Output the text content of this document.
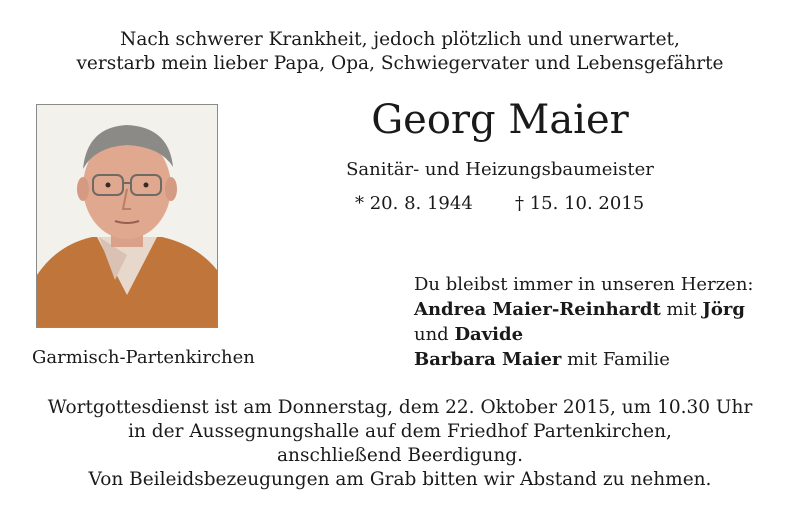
Nach schwerer Krankheit, jedoch plötzlich und unerwartet,
verstarb mein lieber Papa, Opa, Schwiegervater und Lebensgefährte
Georg Maier
Sanitär- und Heizungsbaumeister
* 20. 8. 1944 † 15. 10. 2015
Garmisch-Partenkirchen
Du bleibst immer in unseren Herzen:
Andrea Maier-Reinhardt mit Jörg
und Davide
Barbara Maier mit Familie
Wortgottesdienst ist am Donnerstag, dem 22. Oktober 2015, um 10.30 Uhr
in der Aussegnungshalle auf dem Friedhof Partenkirchen,
anschließend Beerdigung.
Von Beileidsbezeugungen am Grab bitten wir Abstand zu nehmen.
